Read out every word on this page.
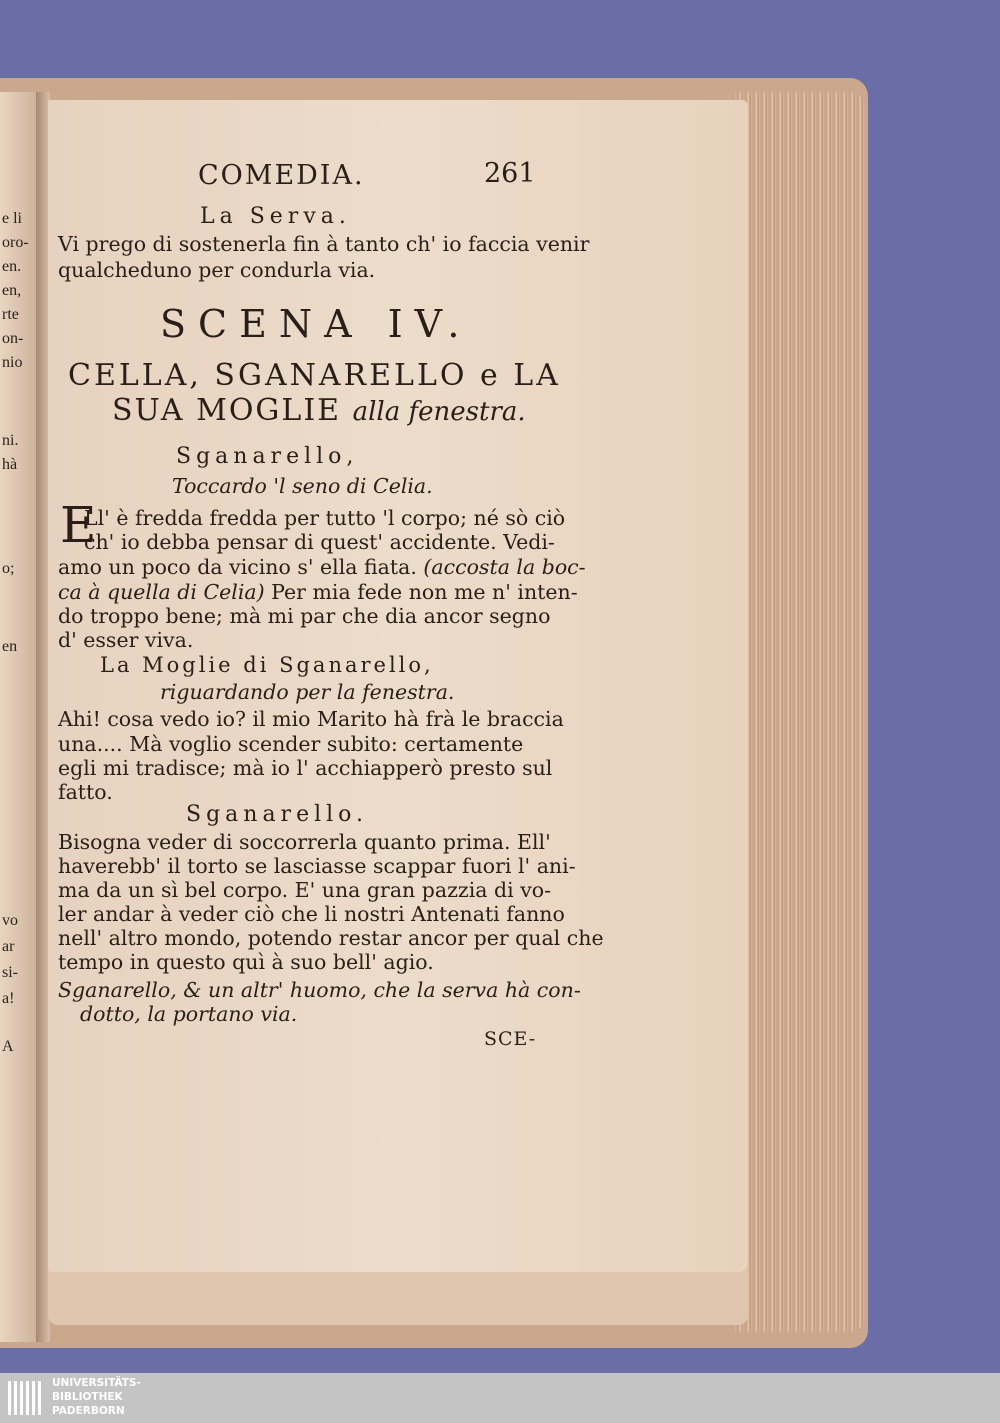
e li
oro-
en.
en,
rte
on-
nio
ni.
hà
o;
en
vo
ar
si-
a!
A
COMEDIA.	261
La Serva.
Vi prego di sostenerla fin à tanto ch' io faccia venir
qualcheduno per condurla via.
SCENA IV.
CELLA, SGANARELLO e LA
SUA MOGLIE alla fenestra.
Sganarello,
Toccardo 'l seno di Celia.
E
Ll' è fredda fredda per tutto 'l corpo; né sò ciò
ch' io debba pensar di quest' accidente. Vedi-
amo un poco da vicino s' ella fiata. (accosta la boc-
ca à quella di Celia) Per mia fede non me n' inten-
do troppo bene; mà mi par che dia ancor segno
d' esser viva.
La Moglie di Sganarello,
riguardando per la fenestra.
Ahi! cosa vedo io? il mio Marito hà frà le braccia
una.... Mà voglio scender subito: certamente
egli mi tradisce; mà io l' acchiapperò presto sul
fatto.
Sganarello.
Bisogna veder di soccorrerla quanto prima. Ell'
haverebb' il torto se lasciasse scappar fuori l' ani-
ma da un sì bel corpo. E' una gran pazzia di vo-
ler andar à veder ciò che li nostri Antenati fanno
nell' altro mondo, potendo restar ancor per qual che
tempo in questo quì à suo bell' agio.
Sganarello, & un altr' huomo, che la serva hà con-
dotto, la portano via.
SCE-
UNIVERSITÄTS-
BIBLIOTHEK
PADERBORN
